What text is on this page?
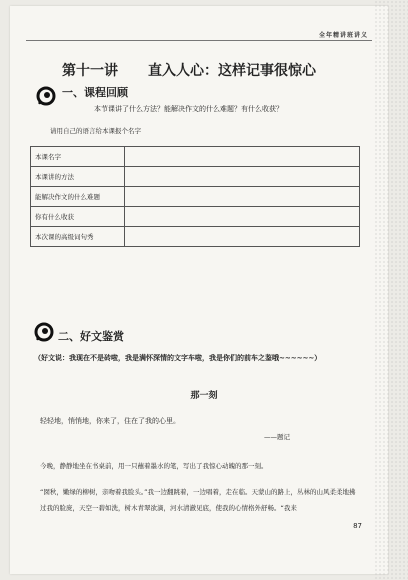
全年精讲班讲义
第十一讲 直入人心：这样记事很惊心
一、课程回顾
本节课讲了什么方法？能解决作文的什么难题？有什么收获？
请用自己的语言给本课报个名字
本课名字	
本课讲的方法	
能解决作文的什么难题	
你有什么收获	
本次课的高级词句秀	
二、好文鉴赏
（好文说：我现在不是砖啦，我是满怀深情的文字车啦，我是你们的前车之鉴哦~~~~~~）
那一刻
轻轻地，悄悄地，你来了，住在了我的心里。
——题记
今晚，静静地坐在书桌前，用一只蘸着墨水的笔，写出了我惊心动魄的那一刻。
“囡秋，嫩绿的柳树，亲吻着我脸头。”我一边翻跳着，一边唱着，走在临。天蒙山的路上，丛林的山风柔柔地拂过我的脸庞，天空一碧如洗，树木青翠欲滴，河水清澈见底，使我的心情格外舒畅。“我来
87
